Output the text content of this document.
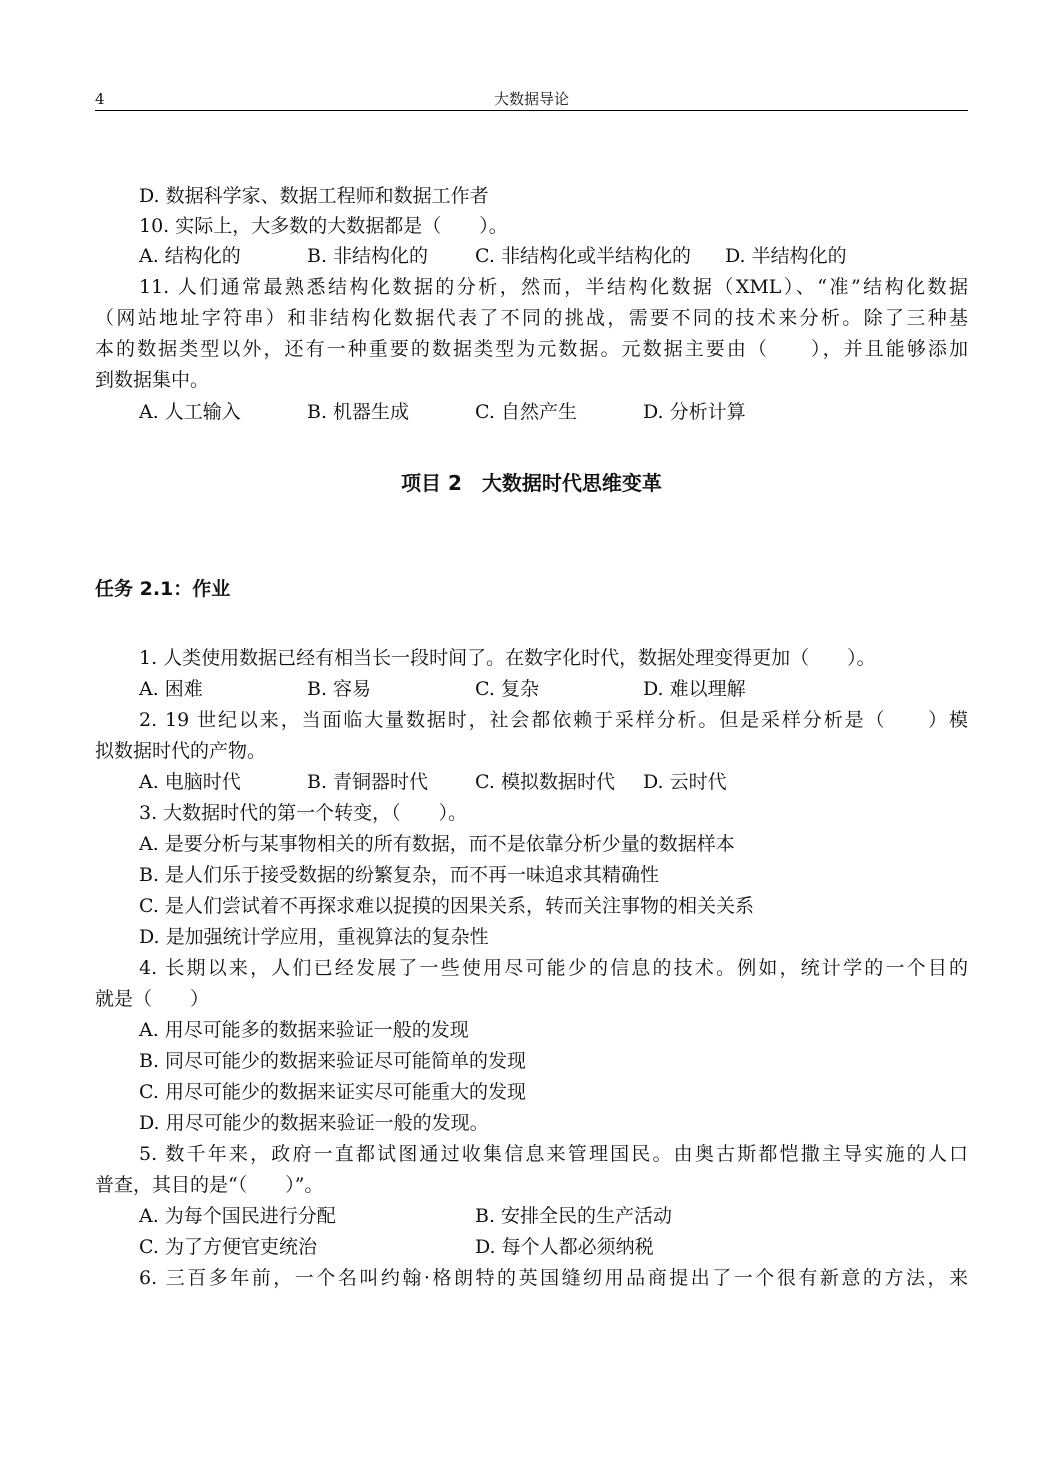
4	大数据导论
D. 数据科学家、数据工程师和数据工作者
10. 实际上，大多数的大数据都是（　　）。
A. 结构化的	B. 非结构化的 C. 非结构化或半结构化的 D. 半结构化的
11. 人们通常最熟悉结构化数据的分析，然而，半结构化数据（XML）、“准”结构化数据
（网站地址字符串）和非结构化数据代表了不同的挑战，需要不同的技术来分析。除了三种基
本的数据类型以外，还有一种重要的数据类型为元数据。元数据主要由（　　），并且能够添加
到数据集中。
A. 人工输入	B. 机器生成	C. 自然产生	D. 分析计算
项目 2　大数据时代思维变革
任务 2.1：作业
1. 人类使用数据已经有相当长一段时间了。在数字化时代，数据处理变得更加（　　）。
A. 困难	B. 容易	C. 复杂	D. 难以理解
2. 19 世纪以来，当面临大量数据时，社会都依赖于采样分析。但是采样分析是（　　）模
拟数据时代的产物。
A. 电脑时代	B. 青铜器时代 C. 模拟数据时代 D. 云时代
3. 大数据时代的第一个转变，（　　）。
A. 是要分析与某事物相关的所有数据，而不是依靠分析少量的数据样本
B. 是人们乐于接受数据的纷繁复杂，而不再一味追求其精确性
C. 是人们尝试着不再探求难以捉摸的因果关系，转而关注事物的相关关系
D. 是加强统计学应用，重视算法的复杂性
4. 长期以来，人们已经发展了一些使用尽可能少的信息的技术。例如，统计学的一个目的
就是（　　）
A. 用尽可能多的数据来验证一般的发现
B. 同尽可能少的数据来验证尽可能简单的发现
C. 用尽可能少的数据来证实尽可能重大的发现
D. 用尽可能少的数据来验证一般的发现。
5. 数千年来，政府一直都试图通过收集信息来管理国民。由奥古斯都恺撒主导实施的人口
普查，其目的是“（　　）”。
A. 为每个国民进行分配	B. 安排全民的生产活动
C. 为了方便官吏统治	D. 每个人都必须纳税
6. 三百多年前，一个名叫约翰·格朗特的英国缝纫用品商提出了一个很有新意的方法，来
